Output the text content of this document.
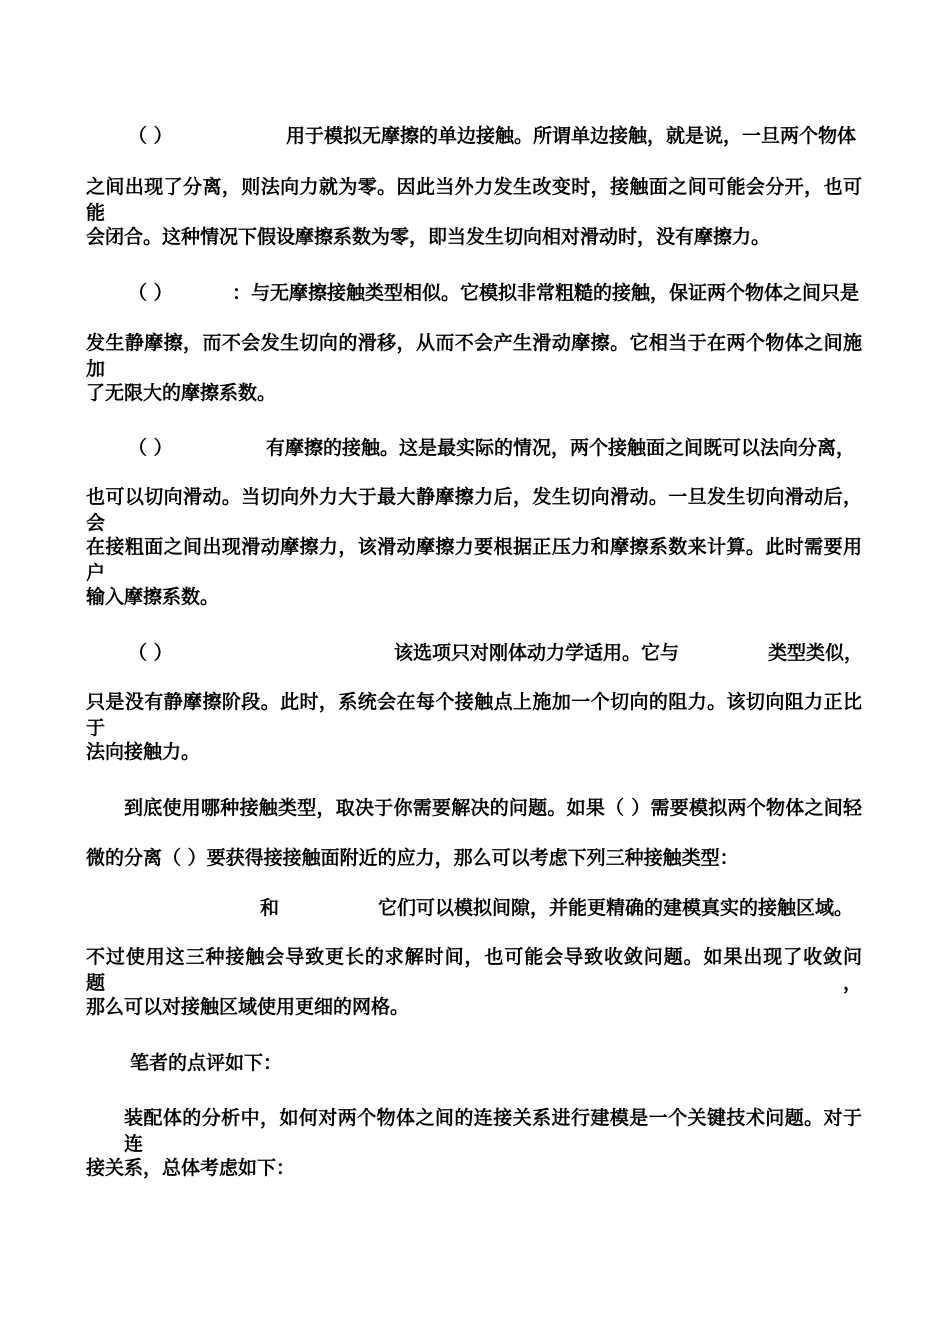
（ ）	用于模拟无摩擦的单边接触。所谓单边接触，就是说，一旦两个物体
之间出现了分离，则法向力就为零。因此当外力发生改变时，接触面之间可能会分开，也可能
会闭合。这种情况下假设摩擦系数为零，即当发生切向相对滑动时，没有摩擦力。
（ ）	：与无摩擦接触类型相似。它模拟非常粗糙的接触，保证两个物体之间只是
发生静摩擦，而不会发生切向的滑移，从而不会产生滑动摩擦。它相当于在两个物体之间施加
了无限大的摩擦系数。
（ ）	有摩擦的接触。这是最实际的情况，两个接触面之间既可以法向分离，
也可以切向滑动。当切向外力大于最大静摩擦力后，发生切向滑动。一旦发生切向滑动后，会
在接粗面之间出现滑动摩擦力，该滑动摩擦力要根据正压力和摩擦系数来计算。此时需要用户
输入摩擦系数。
（ ）	该选项只对刚体动力学适用。它与	类型类似，
只是没有静摩擦阶段。此时，系统会在每个接触点上施加一个切向的阻力。该切向阻力正比于
法向接触力。
到底使用哪种接触类型，取决于你需要解决的问题。如果（ ）需要模拟两个物体之间轻
微的分离（ ）要获得接接触面附近的应力，那么可以考虑下列三种接触类型：
和	它们可以模拟间隙，并能更精确的建模真实的接触区域。
不过使用这三种接触会导致更长的求解时间，也可能会导致收敛问题。如果出现了收敛问题，
那么可以对接触区域使用更细的网格。
笔者的点评如下：
装配体的分析中，如何对两个物体之间的连接关系进行建模是一个关键技术问题。对于连
接关系，总体考虑如下：
